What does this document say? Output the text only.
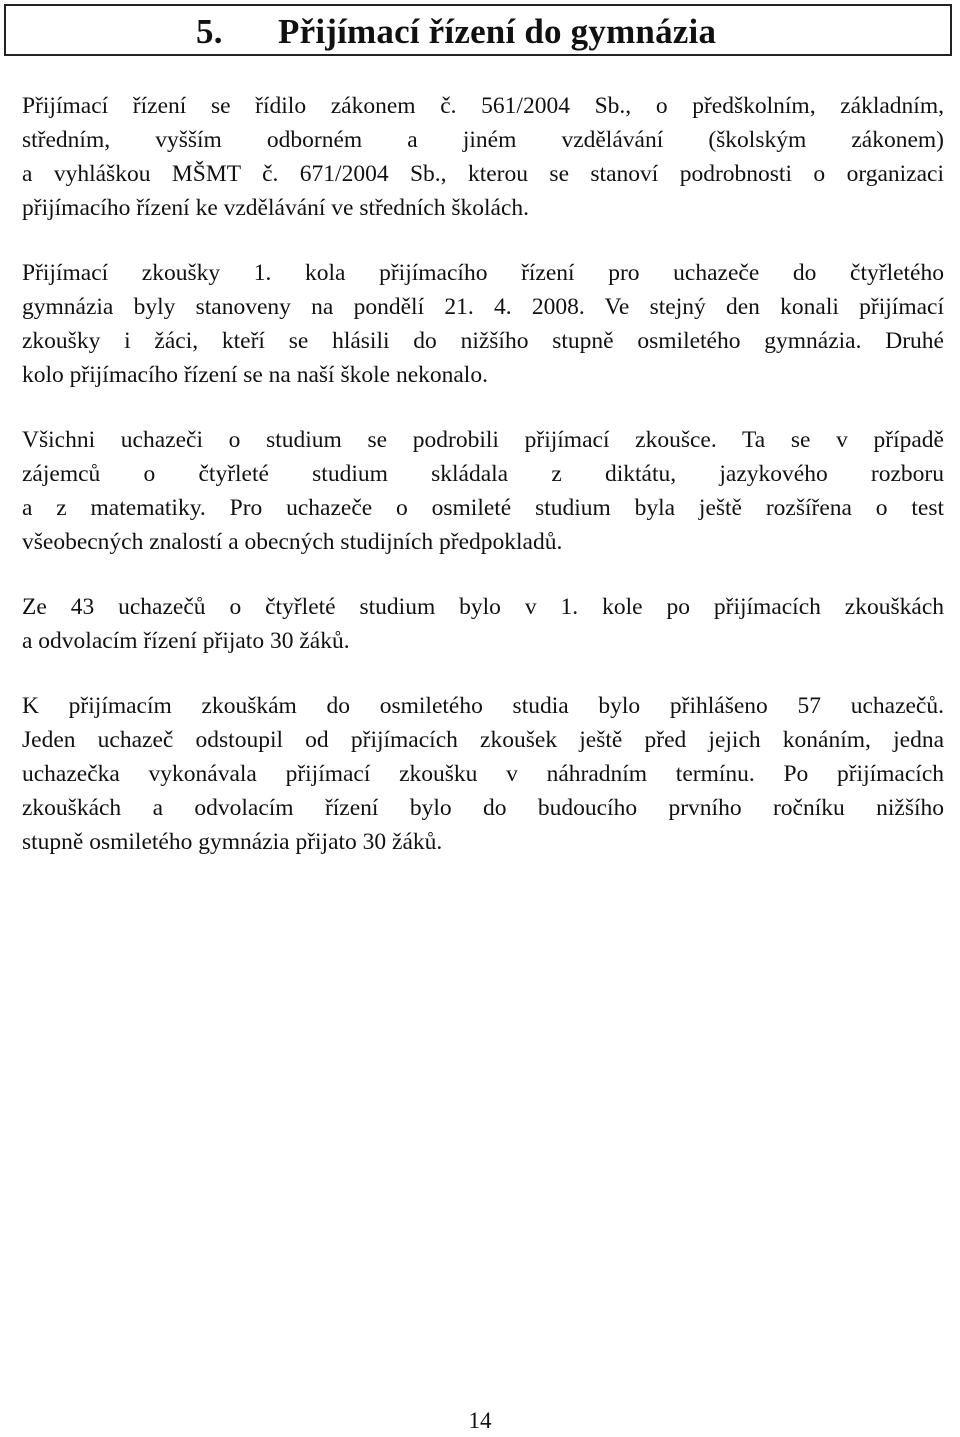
5. Přijímací řízení do gymnázia

Přijímací řízení se řídilo zákonem č. 561/2004 Sb., o předškolním, základním,
středním, vyšším odborném a jiném vzdělávání (školským zákonem)
a vyhláškou MŠMT č. 671/2004 Sb., kterou se stanoví podrobnosti o organizaci
přijímacího řízení ke vzdělávání ve středních školách.

Přijímací zkoušky 1. kola přijímacího řízení pro uchazeče do čtyřletého
gymnázia byly stanoveny na pondělí 21. 4. 2008. Ve stejný den konali přijímací
zkoušky i žáci, kteří se hlásili do nižšího stupně osmiletého gymnázia. Druhé
kolo přijímacího řízení se na naší škole nekonalo.

Všichni uchazeči o studium se podrobili přijímací zkoušce. Ta se v případě
zájemců o čtyřleté studium skládala z diktátu, jazykového rozboru
a z matematiky. Pro uchazeče o osmileté studium byla ještě rozšířena o test
všeobecných znalostí a obecných studijních předpokladů.

Ze 43 uchazečů o čtyřleté studium bylo v 1. kole po přijímacích zkouškách
a odvolacím řízení přijato 30 žáků.

K přijímacím zkouškám do osmiletého studia bylo přihlášeno 57 uchazečů.
Jeden uchazeč odstoupil od přijímacích zkoušek ještě před jejich konáním, jedna
uchazečka vykonávala přijímací zkoušku v náhradním termínu. Po přijímacích
zkouškách a odvolacím řízení bylo do budoucího prvního ročníku nižšího
stupně osmiletého gymnázia přijato 30 žáků.

14
